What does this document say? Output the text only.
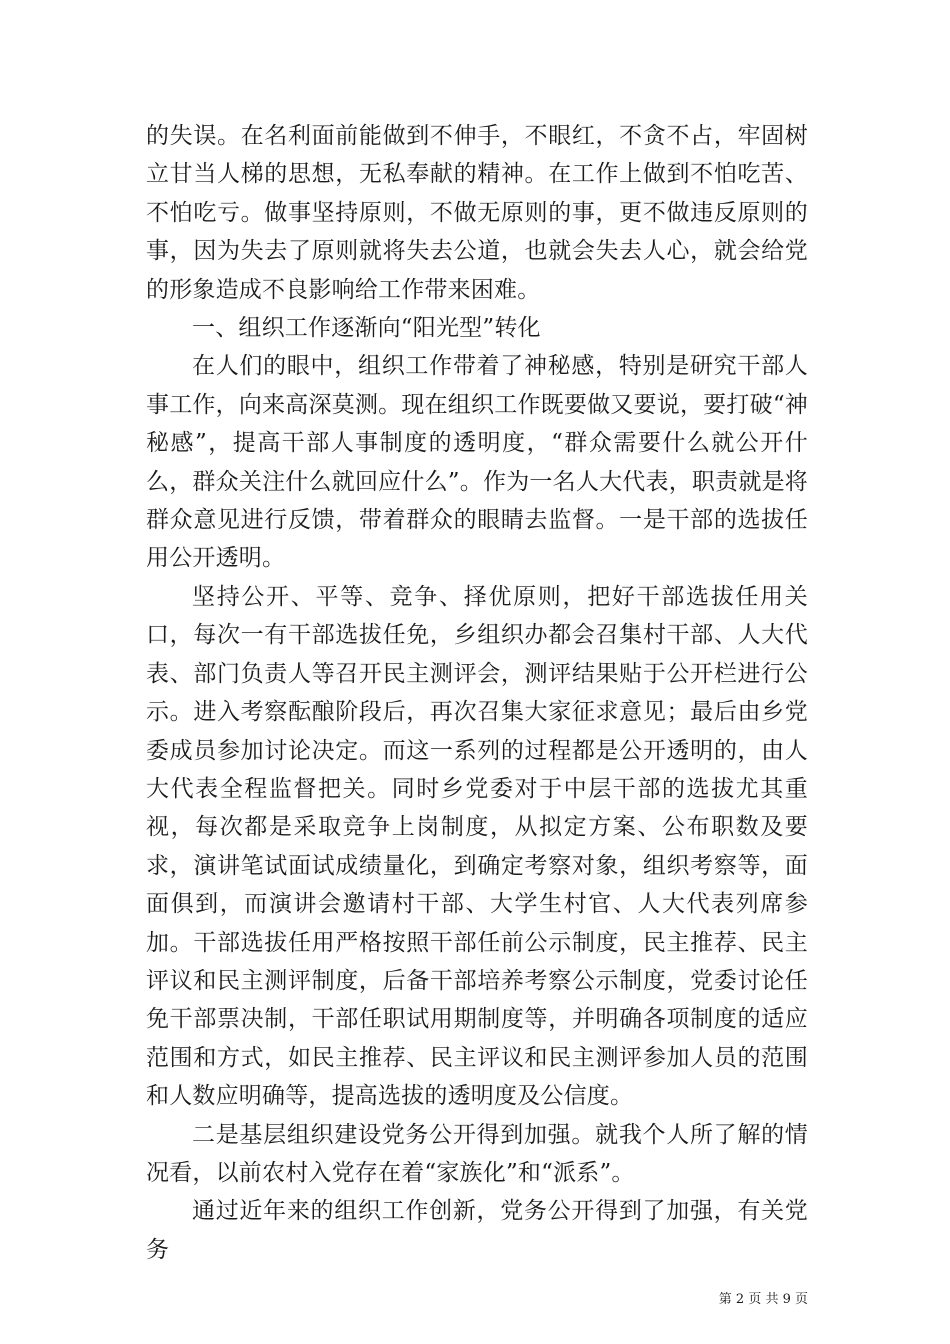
的失误。在名利面前能做到不伸手，不眼红，不贪不占，牢固树立甘当人梯的思想，无私奉献的精神。在工作上做到不怕吃苦、不怕吃亏。做事坚持原则，不做无原则的事，更不做违反原则的事，因为失去了原则就将失去公道，也就会失去人心，就会给党的形象造成不良影响给工作带来困难。

一、组织工作逐渐向“阳光型”转化

在人们的眼中，组织工作带着了神秘感，特别是研究干部人事工作，向来高深莫测。现在组织工作既要做又要说，要打破“神秘感”，提高干部人事制度的透明度，“群众需要什么就公开什么，群众关注什么就回应什么”。作为一名人大代表，职责就是将群众意见进行反馈，带着群众的眼睛去监督。一是干部的选拔任用公开透明。

坚持公开、平等、竞争、择优原则，把好干部选拔任用关口，每次一有干部选拔任免，乡组织办都会召集村干部、人大代表、部门负责人等召开民主测评会，测评结果贴于公开栏进行公示。进入考察酝酿阶段后，再次召集大家征求意见；最后由乡党委成员参加讨论决定。而这一系列的过程都是公开透明的，由人大代表全程监督把关。同时乡党委对于中层干部的选拔尤其重视，每次都是采取竞争上岗制度，从拟定方案、公布职数及要求，演讲笔试面试成绩量化，到确定考察对象，组织考察等，面面俱到，而演讲会邀请村干部、大学生村官、人大代表列席参加。干部选拔任用严格按照干部任前公示制度，民主推荐、民主评议和民主测评制度，后备干部培养考察公示制度，党委讨论任免干部票决制，干部任职试用期制度等，并明确各项制度的适应范围和方式，如民主推荐、民主评议和民主测评参加人员的范围和人数应明确等，提高选拔的透明度及公信度。

二是基层组织建设党务公开得到加强。就我个人所了解的情况看，以前农村入党存在着“家族化”和“派系”。

通过近年来的组织工作创新，党务公开得到了加强，有关党务

第 2 页 共 9 页
